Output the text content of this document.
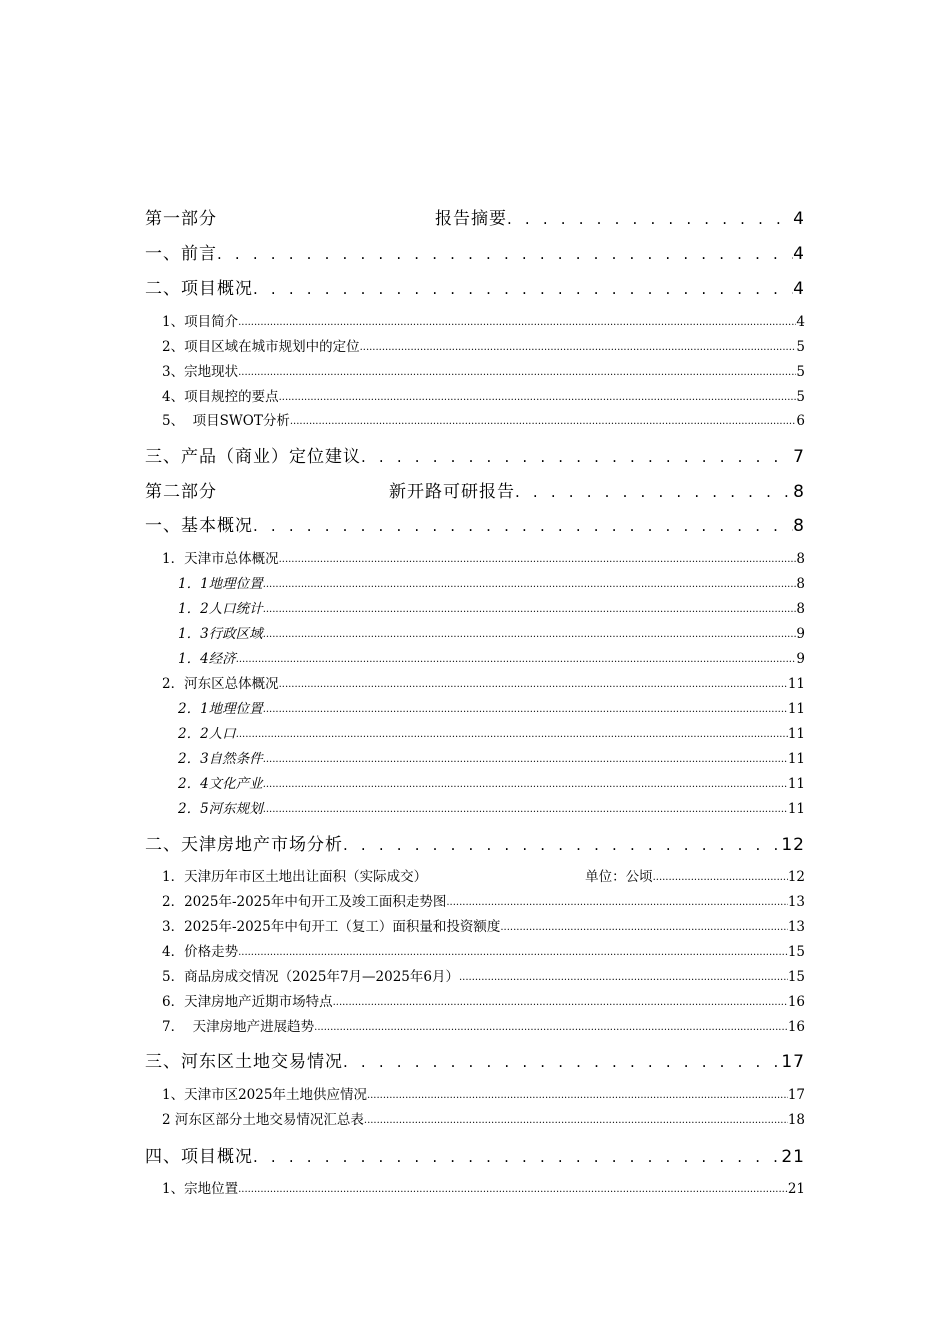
第一部分	报告摘要 . . .	4
一、前言 . . .	4
二、项目概况 . . .	4
1、项目简介 .....	4
2、项目区域在城市规划中的定位 .....	5
3、宗地现状 .....	5
4、项目规控的要点 .....	5
5、  项目SWOT分析 .....	6
三、产品（商业）定位建议 . . .	7
第二部分	新开路可研报告 . . .	8
一、基本概况 . . .	8
1．天津市总体概况 .....	8
1．1地理位置 .....	8
1．2人口统计 .....	8
1．3行政区域 .....	9
1．4经济 .....	9
2．河东区总体概况 .....	11
2．1地理位置 .....	11
2．2人口 .....	11
2．3自然条件 .....	11
2．4文化产业 .....	11
2．5河东规划 .....	11
二、天津房地产市场分析 . . .	12
1．天津历年市区土地出让面积（实际成交）	单位：公顷 .....	12
2．2025年-2025年中旬开工及竣工面积走势图 .....	13
3．2025年-2025年中旬开工（复工）面积量和投资额度 .....	13
4．价格走势 .....	15
5．商品房成交情况（2025年7月—2025年6月） .....	15
6．天津房地产近期市场特点 .....	16
7．  天津房地产进展趋势 .....	16
三、河东区土地交易情况 . . .	17
1、天津市区2025年土地供应情况 .....	17
2 河东区部分土地交易情况汇总表 .....	18
四、项目概况 . . .	21
1、宗地位置 .....	21
